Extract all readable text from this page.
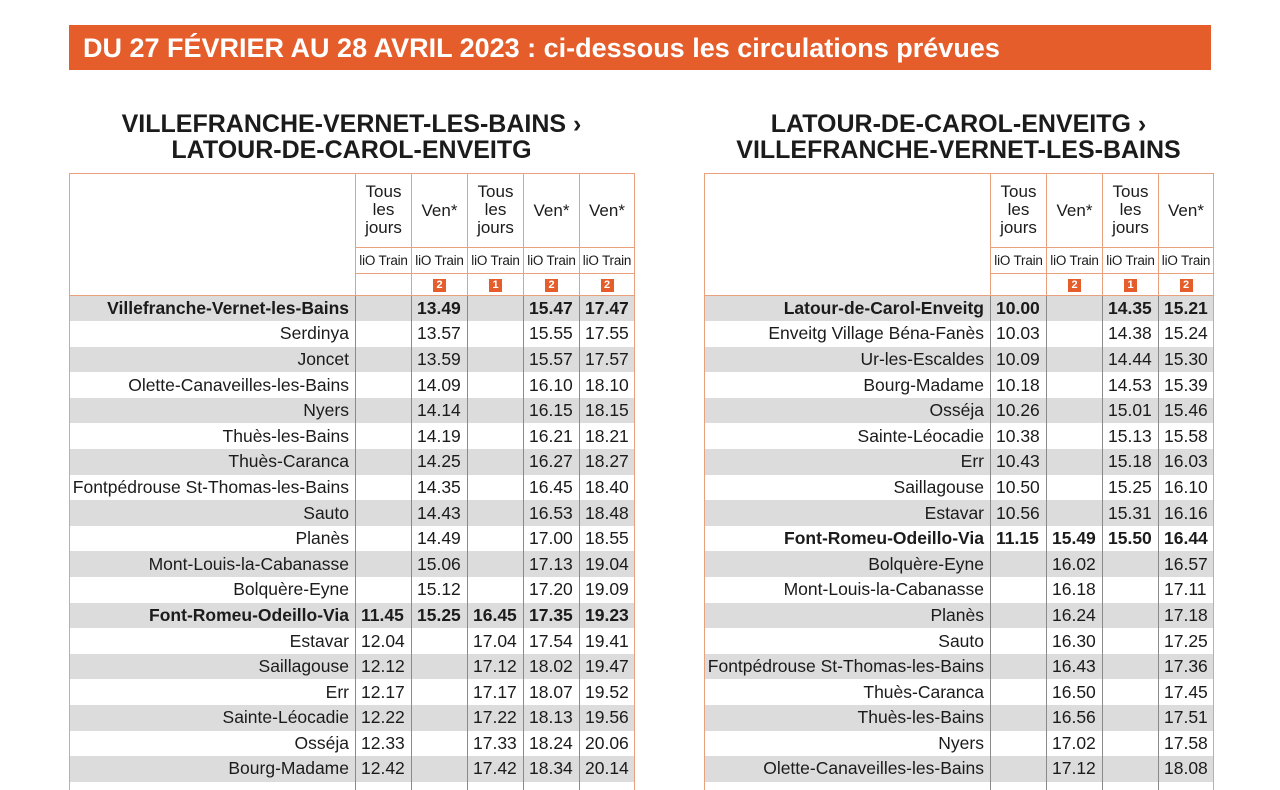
DU 27 FÉVRIER AU 28 AVRIL 2023 : ci-dessous les circulations prévues
VILLEFRANCHE-VERNET-LES-BAINS ›
LATOUR-DE-CAROL-ENVEITG
LATOUR-DE-CAROL-ENVEITG ›
VILLEFRANCHE-VERNET-LES-BAINS
	Tous les jours	Ven*	Tous les jours	Ven*	Ven*
	liO Train	liO Train	liO Train	liO Train	liO Train
		2	1	2	2
Villefranche-Vernet-les-Bains		13.49		15.47	17.47
Serdinya		13.57		15.55	17.55
Joncet		13.59		15.57	17.57
Olette-Canaveilles-les-Bains		14.09		16.10	18.10
Nyers		14.14		16.15	18.15
Thuès-les-Bains		14.19		16.21	18.21
Thuès-Caranca		14.25		16.27	18.27
Fontpédrouse St-Thomas-les-Bains		14.35		16.45	18.40
Sauto		14.43		16.53	18.48
Planès		14.49		17.00	18.55
Mont-Louis-la-Cabanasse		15.06		17.13	19.04
Bolquère-Eyne		15.12		17.20	19.09
Font-Romeu-Odeillo-Via	11.45	15.25	16.45	17.35	19.23
Estavar	12.04		17.04	17.54	19.41
Saillagouse	12.12		17.12	18.02	19.47
Err	12.17		17.17	18.07	19.52
Sainte-Léocadie	12.22		17.22	18.13	19.56
Osséja	12.33		17.33	18.24	20.06
Bourg-Madame	12.42		17.42	18.34	20.14

	Tous les jours	Ven*	Tous les jours	Ven*
	liO Train	liO Train	liO Train	liO Train
		2	1	2
Latour-de-Carol-Enveitg	10.00		14.35	15.21
Enveitg Village Béna-Fanès	10.03		14.38	15.24
Ur-les-Escaldes	10.09		14.44	15.30
Bourg-Madame	10.18		14.53	15.39
Osséja	10.26		15.01	15.46
Sainte-Léocadie	10.38		15.13	15.58
Err	10.43		15.18	16.03
Saillagouse	10.50		15.25	16.10
Estavar	10.56		15.31	16.16
Font-Romeu-Odeillo-Via	11.15	15.49	15.50	16.44
Bolquère-Eyne		16.02		16.57
Mont-Louis-la-Cabanasse		16.18		17.11
Planès		16.24		17.18
Sauto		16.30		17.25
Fontpédrouse St-Thomas-les-Bains		16.43		17.36
Thuès-Caranca		16.50		17.45
Thuès-les-Bains		16.56		17.51
Nyers		17.02		17.58
Olette-Canaveilles-les-Bains		17.12		18.08
